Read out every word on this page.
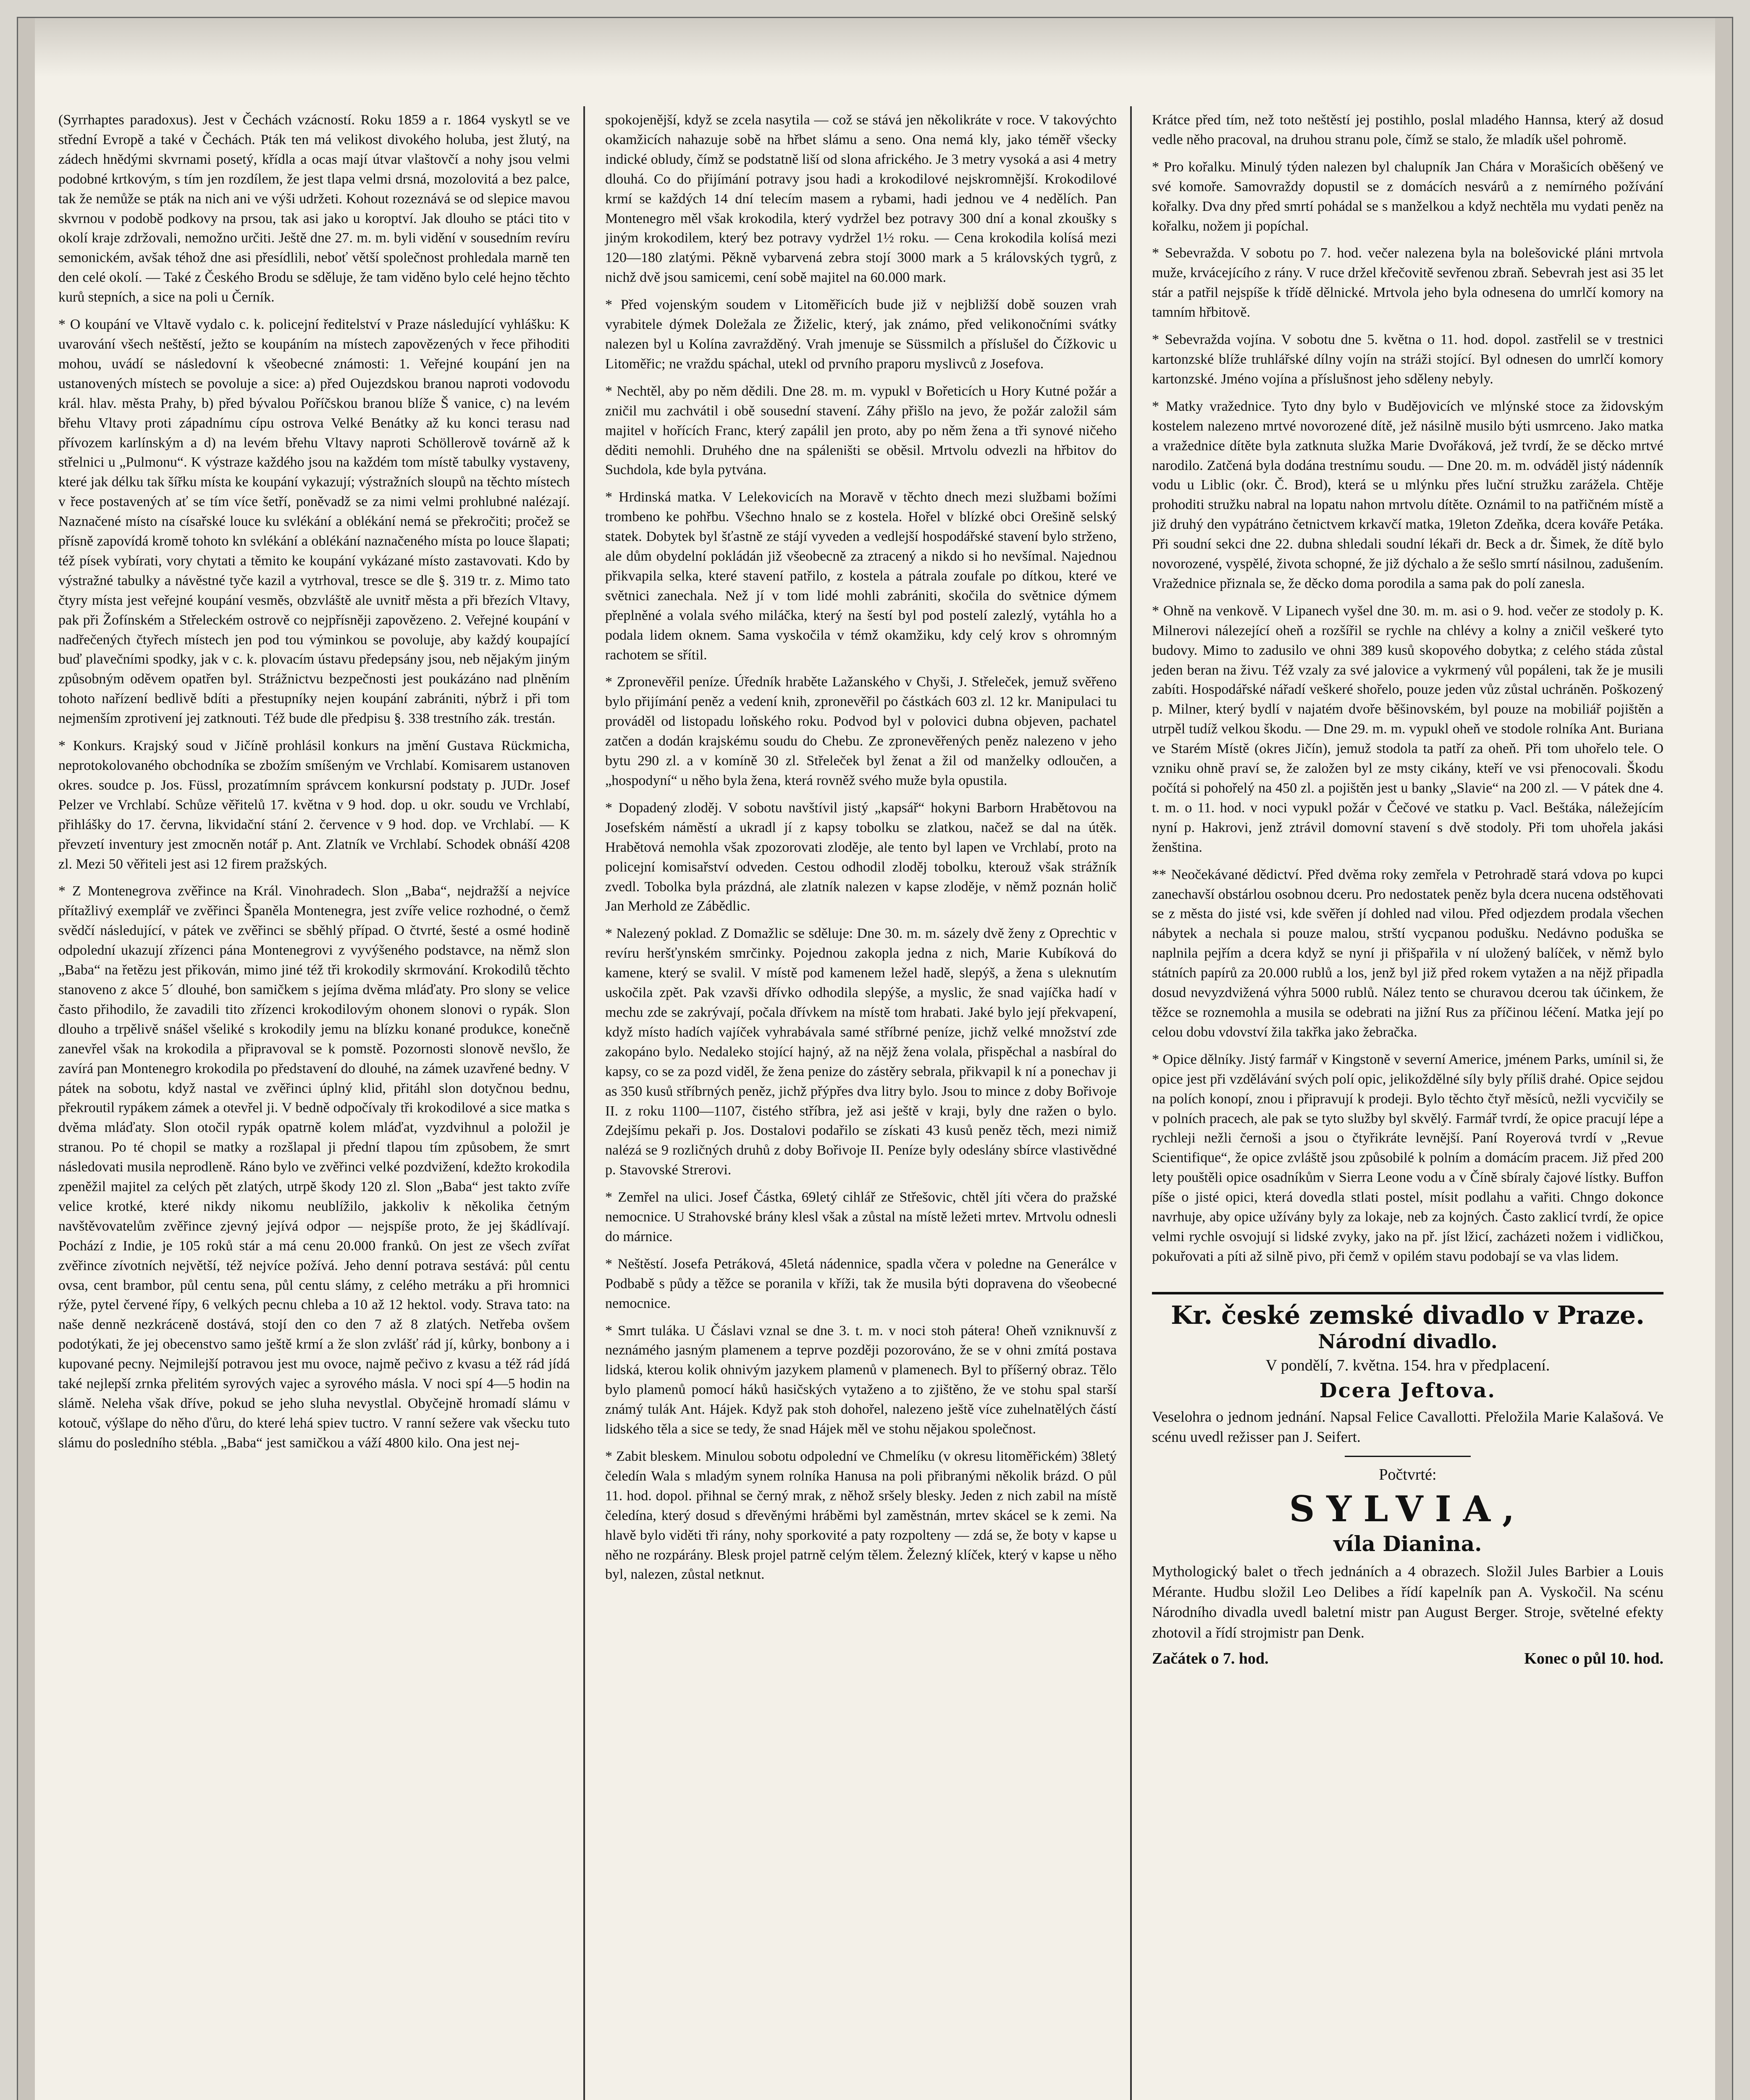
(Syrrhaptes paradoxus). Jest v Čechách vzácností. Roku 1859 a r. 1864 vyskytl se ve střední Evropě a také v Čechách. Pták ten má velikost divokého holuba, jest žlutý, na zádech hnědými skvrnami posetý, křídla a ocas mají útvar vlaštovčí a nohy jsou velmi podobné krtkovým, s tím jen rozdílem, že jest tlapa velmi drsná, mozolovitá a bez palce, tak že nemůže se pták na nich ani ve výši udržeti. Kohout rozeznává se od slepice mavou skvrnou v podobě podkovy na prsou, tak asi jako u koroptví. Jak dlouho se ptáci tito v okolí kraje zdržovali, nemožno určiti. Ještě dne 27. m. m. byli vidění v sousedním revíru semonickém, avšak téhož dne asi přesídlili, neboť větší společnost prohledala marně ten den celé okolí. — Také z Českého Brodu se sděluje, že tam viděno bylo celé hejno těchto kurů stepních, a sice na poli u Černík.

* O koupání ve Vltavě vydalo c. k. policejní ředitelství v Praze následující vyhlášku: K uvarování všech neštěstí, ježto se koupáním na místech zapovězených v řece přihoditi mohou, uvádí se následovní k všeobecné známosti: 1. Veřejné koupání jen na ustanovených místech se povoluje a sice: a) před Oujezdskou branou naproti vodovodu král. hlav. města Prahy, b) před bývalou Poříčskou branou blíže Š vanice, c) na levém břehu Vltavy proti západnímu cípu ostrova Velké Benátky až ku konci terasu nad přívozem karlínským a d) na levém břehu Vltavy naproti Schöllerově továrně až k střelnici u „Pulmonu“. K výstraze každého jsou na každém tom místě tabulky vystaveny, které jak délku tak šířku místa ke koupání vykazují; výstražních sloupů na těchto místech v řece postavených ať se tím více šetří, poněvadž se za nimi velmi prohlubné nalézají. Naznačené místo na císařské louce ku svlékání a oblékání nemá se překročiti; pročež se přísně zapovídá kromě tohoto kn svlékání a oblékání naznačeného místa po louce šlapati; též písek vybírati, vory chytati a těmito ke koupání vykázané místo zastavovati. Kdo by výstražné tabulky a návěstné tyče kazil a vytrhoval, tresce se dle §. 319 tr. z. Mimo tato čtyry místa jest veřejné koupání vesměs, obzvláště ale uvnitř města a při březích Vltavy, pak při Žofínském a Střeleckém ostrově co nejpřísněji zapovězeno. 2. Veřejné koupání v nadřečených čtyřech místech jen pod tou výminkou se povoluje, aby každý koupající buď plavečními spodky, jak v c. k. plovacím ústavu předepsány jsou, neb nějakým jiným způsobným oděvem opatřen byl. Strážnictvu bezpečnosti jest poukázáno nad plněním tohoto nařízení bedlivě bdíti a přestupníky nejen koupání zabrániti, nýbrž i při tom nejmenším zprotivení jej zatknouti. Též bude dle předpisu §. 338 trestního zák. trestán.

* Konkurs. Krajský soud v Jičíně prohlásil konkurs na jmění Gustava Rückmicha, neprotokolovaného obchodníka se zbožím smíšeným ve Vrchlabí. Komisarem ustanoven okres. soudce p. Jos. Füssl, prozatímním správcem konkursní podstaty p. JUDr. Josef Pelzer ve Vrchlabí. Schůze věřitelů 17. května v 9 hod. dop. u okr. soudu ve Vrchlabí, přihlášky do 17. června, likvidační stání 2. července v 9 hod. dop. ve Vrchlabí. — K převzetí inventury jest zmocněn notář p. Ant. Zlatník ve Vrchlabí. Schodek obnáší 4208 zl. Mezi 50 věřiteli jest asi 12 firem pražských.

* Z Montenegrova zvěřince na Král. Vinohradech. Slon „Baba“, nejdražší a nejvíce přítažlivý exemplář ve zvěřinci Španěla Montenegra, jest zvíře velice rozhodné, o čemž svědčí následující, v pátek ve zvěřinci se sběhlý případ. O čtvrté, šesté a osmé hodině odpolední ukazují zřízenci pána Montenegrovi z vyvýšeného podstavce, na němž slon „Baba“ na řetězu jest přikován, mimo jiné též tři krokodily skrmování. Krokodilů těchto stanoveno z akce 5´ dlouhé, bon samičkem s jejíma dvěma mláďaty. Pro slony se velice často přihodilo, že zavadili tito zřízenci krokodilovým ohonem slonovi o rypák. Slon dlouho a trpělivě snášel všeliké s krokodily jemu na blízku konané produkce, konečně zanevřel však na krokodila a připravoval se k pomstě. Pozornosti slonově nevšlo, že zavírá pan Montenegro krokodila po představení do dlouhé, na zámek uzavřené bedny. V pátek na sobotu, když nastal ve zvěřinci úplný klid, přitáhl slon dotyčnou bednu, překroutil rypákem zámek a otevřel ji. V bedně odpočívaly tři krokodilové a sice matka s dvěma mláďaty. Slon otočil rypák opatrně kolem mláďat, vyzdvihnul a položil je stranou. Po té chopil se matky a rozšlapal ji přední tlapou tím způsobem, že smrt následovati musila neprodleně. Ráno bylo ve zvěřinci velké pozdvižení, kdežto krokodila zpeněžil majitel za celých pět zlatých, utrpě škody 120 zl. Slon „Baba“ jest takto zvíře velice krotké, které nikdy nikomu neublížilo, jakkoliv k několika četným navštěvovatelům zvěřince zjevný jejívá odpor — nejspíše proto, že jej škádlívají. Pochází z Indie, je 105 roků stár a má cenu 20.000 franků. On jest ze všech zvířat zvěřince zívotních největší, též nejvíce požívá. Jeho denní potrava sestává: půl centu ovsa, cent brambor, půl centu sena, půl centu slámy, z celého metráku a při hromnici rýže, pytel červené řípy, 6 velkých pecnu chleba a 10 až 12 hektol. vody. Strava tato: na naše denně nezkráceně dostává, stojí den co den 7 až 8 zlatých. Netřeba ovšem podotýkati, že jej obecenstvo samo ještě krmí a že slon zvlášť rád jí, kůrky, bonbony a i kupované pecny. Nejmilejší potravou jest mu ovoce, najmě pečivo z kvasu a též rád jídá také nejlepší zrnka přelitém syrových vajec a syrového másla. V noci spí 4—5 hodin na slámě. Neleha však dříve, pokud se jeho sluha nevystlal. Obyčejně hromadí slámu v kotouč, výšlape do něho ďůru, do které lehá spiev tuctro. V ranní sežere vak všecku tuto slámu do posledního stébla. „Baba“ jest samičkou a váží 4800 kilo. Ona jest nej-

spokojenější, když se zcela nasytila — což se stává jen několikráte v roce. V takovýchto okamžicích nahazuje sobě na hřbet slámu a seno. Ona nemá kly, jako téměř všecky indické obludy, čímž se podstatně liší od slona afrického. Je 3 metry vysoká a asi 4 metry dlouhá. Co do přijímání potravy jsou hadi a krokodilové nejskromnější. Krokodilové krmí se každých 14 dní telecím masem a rybami, hadi jednou ve 4 nedělích. Pan Montenegro měl však krokodila, který vydržel bez potravy 300 dní a konal zkoušky s jiným krokodilem, který bez potravy vydržel 1½ roku. — Cena krokodila kolísá mezi 120—180 zlatými. Pěkně vybarvená zebra stojí 3000 mark a 5 královských tygrů, z nichž dvě jsou samicemi, cení sobě majitel na 60.000 mark.

* Před vojenským soudem v Litoměřicích bude již v nejbližší době souzen vrah vyrabitele dýmek Doležala ze Žiželic, který, jak známo, před velikonočními svátky nalezen byl u Kolína zavražděný. Vrah jmenuje se Süssmilch a příslušel do Čížkovic u Litoměřic; ne vraždu spáchal, utekl od prvního praporu myslivců z Josefova.

* Nechtěl, aby po něm dědili. Dne 28. m. m. vypukl v Bořeticích u Hory Kutné požár a zničil mu zachvátil i obě sousední stavení. Záhy přišlo na jevo, že požár založil sám majitel v hořících Franc, který zapálil jen proto, aby po něm žena a tři synové ničeho děditi nemohli. Druhého dne na spáleništi se oběsil. Mrtvolu odvezli na hřbitov do Suchdola, kde byla pytvána.

* Hrdinská matka. V Lelekovicích na Moravě v těchto dnech mezi službami božími trombeno ke pohřbu. Všechno hnalo se z kostela. Hořel v blízké obci Orešině selský statek. Dobytek byl šťastně ze stájí vyveden a vedlejší hospodářské stavení bylo strženo, ale dům obydelní pokládán již všeobecně za ztracený a nikdo si ho nevšímal. Najednou přikvapila selka, které stavení patřilo, z kostela a pátrala zoufale po dítkou, které ve světnici zanechala. Než jí v tom lidé mohli zabrániti, skočila do světnice dýmem přeplněné a volala svého miláčka, který na šestí byl pod postelí zalezlý, vytáhla ho a podala lidem oknem. Sama vyskočila v témž okamžiku, kdy celý krov s ohromným rachotem se sřítil.

* Zpronevěřil peníze. Úředník hraběte Lažanského v Chyši, J. Střeleček, jemuž svěřeno bylo přijímání peněz a vedení knih, zpronevěřil po částkách 603 zl. 12 kr. Manipulaci tu prováděl od listopadu loňského roku. Podvod byl v polovici dubna objeven, pachatel zatčen a dodán krajskému soudu do Chebu. Ze zpronevěřených peněz nalezeno v jeho bytu 290 zl. a v komíně 30 zl. Střeleček byl ženat a žil od manželky odloučen, a „hospodyní“ u něho byla žena, která rovněž svého muže byla opustila.

* Dopadený zloděj. V sobotu navštívil jistý „kapsář“ hokyni Barborn Hrabětovou na Josefském náměstí a ukradl jí z kapsy tobolku se zlatkou, načež se dal na útěk. Hrabětová nemohla však zpozorovati zloděje, ale tento byl lapen ve Vrchlabí, proto na policejní komisařství odveden. Cestou odhodil zloděj tobolku, kterouž však strážník zvedl. Tobolka byla prázdná, ale zlatník nalezen v kapse zloděje, v němž poznán holič Jan Merhold ze Zábědlic.

* Nalezený poklad. Z Domažlic se sděluje: Dne 30. m. m. sázely dvě ženy z Oprechtic v revíru heršťynském smrčinky. Pojednou zakopla jedna z nich, Marie Kubíková do kamene, který se svalil. V místě pod kamenem ležel hadě, slepýš, a žena s uleknutím uskočila zpět. Pak vzavši dřívko odhodila slepýše, a myslic, že snad vajíčka hadí v mechu zde se zakrývají, počala dřívkem na místě tom hrabati. Jaké bylo její překvapení, když místo hadích vajíček vyhrabávala samé stříbrné peníze, jichž velké množství zde zakopáno bylo. Nedaleko stojící hajný, až na nějž žena volala, přispěchal a nasbíral do kapsy, co se za pozd viděl, že žena penize do zástěry sebrala, přikvapil k ní a ponechav ji as 350 kusů stříbrných peněz, jichž přýpřes dva litry bylo. Jsou to mince z doby Bořivoje II. z roku 1100—1107, čistého stříbra, jež asi ještě v kraji, byly dne ražen o bylo. Zdejšímu pekaři p. Jos. Dostalovi podařilo se získati 43 kusů peněz těch, mezi nimiž nalézá se 9 rozličných druhů z doby Bořivoje II. Peníze byly odeslány sbírce vlastivědné p. Stavovské Strerovi.

* Zemřel na ulici. Josef Částka, 69letý cihlář ze Střešovic, chtěl jíti včera do pražské nemocnice. U Strahovské brány klesl však a zůstal na místě ležeti mrtev. Mrtvolu odnesli do márnice.

* Neštěstí. Josefa Petráková, 45letá nádennice, spadla včera v poledne na Generálce v Podbabě s půdy a těžce se poranila v kříži, tak že musila býti dopravena do všeobecné nemocnice.

* Smrt tuláka. U Čáslavi vznal se dne 3. t. m. v noci stoh pátera! Oheň vzniknuvší z neznámého jasným plamenem a teprve později pozorováno, že se v ohni zmítá postava lidská, kterou kolik ohnivým jazykem plamenů v plamenech. Byl to příšerný obraz. Tělo bylo plamenů pomocí háků hasičských vytaženo a to zjištěno, že ve stohu spal starší známý tulák Ant. Hájek. Když pak stoh dohořel, nalezeno ještě více zuhelnatělých částí lidského těla a sice se tedy, že snad Hájek měl ve stohu nějakou společnost.

* Zabit bleskem. Minulou sobotu odpolední ve Chmelíku (v okresu litoměřickém) 38letý čeledín Wala s mladým synem rolníka Hanusa na poli přibranými několik brázd. O půl 11. hod. dopol. přihnal se černý mrak, z něhož sršely blesky. Jeden z nich zabil na místě čeledína, který dosud s dřevěnými hráběmi byl zaměstnán, mrtev skácel se k zemi. Na hlavě bylo viděti tři rány, nohy sporkovité a paty rozpolteny — zdá se, že boty v kapse u něho ne rozpárány. Blesk projel patrně celým tělem. Železný klíček, který v kapse u něho byl, nalezen, zůstal netknut.

Krátce před tím, než toto neštěstí jej postihlo, poslal mladého Hannsa, který až dosud vedle něho pracoval, na druhou stranu pole, čímž se stalo, že mladík ušel pohromě.

* Pro kořalku. Minulý týden nalezen byl chalupník Jan Chára v Morašicích oběšený ve své komoře. Samovraždy dopustil se z domácích nesvárů a z nemírného požívání kořalky. Dva dny před smrtí pohádal se s manželkou a když nechtěla mu vydati peněz na kořalku, nožem ji popíchal.

* Sebevražda. V sobotu po 7. hod. večer nalezena byla na bolešovické pláni mrtvola muže, krvácejícího z rány. V ruce držel křečovitě sevřenou zbraň. Sebevrah jest asi 35 let stár a patřil nejspíše k třídě dělnické. Mrtvola jeho byla odnesena do umrlčí komory na tamním hřbitově.

* Sebevražda vojína. V sobotu dne 5. května o 11. hod. dopol. zastřelil se v trestnici kartonzské blíže truhlářské dílny vojín na stráži stojící. Byl odnesen do umrlčí komory kartonzské. Jméno vojína a příslušnost jeho sděleny nebyly.

* Matky vražednice. Tyto dny bylo v Budějovicích ve mlýnské stoce za židovským kostelem nalezeno mrtvé novorozené dítě, jež násilně musilo býti usmrceno. Jako matka a vražednice dítěte byla zatknuta služka Marie Dvořáková, jež tvrdí, že se děcko mrtvé narodilo. Zatčená byla dodána trestnímu soudu. — Dne 20. m. m. odváděl jistý nádenník vodu u Liblic (okr. Č. Brod), která se u mlýnku přes luční stružku zarážela. Chtěje prohoditi stružku nabral na lopatu nahon mrtvolu dítěte. Oznámil to na patřičném místě a již druhý den vypátráno četnictvem krkavčí matka, 19leton Zdeňka, dcera kováře Petáka. Při soudní sekci dne 22. dubna shledali soudní lékaři dr. Beck a dr. Šimek, že dítě bylo novorozené, vyspělé, života schopné, že již dýchalo a že sešlo smrtí násilnou, zadušením. Vražednice přiznala se, že děcko doma porodila a sama pak do polí zanesla.

* Ohně na venkově. V Lipanech vyšel dne 30. m. m. asi o 9. hod. večer ze stodoly p. K. Milnerovi nálezející oheň a rozšířil se rychle na chlévy a kolny a zničil veškeré tyto budovy. Mimo to zadusilo ve ohni 389 kusů skopového dobytka; z celého stáda zůstal jeden beran na živu. Též vzaly za své jalovice a vykrmený vůl popáleni, tak že je musili zabíti. Hospodářské nářadí veškeré shořelo, pouze jeden vůz zůstal uchráněn. Poškozený p. Milner, který bydlí v najatém dvoře běšinovském, byl pouze na mobiliář pojištěn a utrpěl tudíž velkou škodu. — Dne 29. m. m. vypukl oheň ve stodole rolníka Ant. Buriana ve Starém Místě (okres Jičín), jemuž stodola ta patří za oheň. Při tom uhořelo tele. O vzniku ohně praví se, že založen byl ze msty cikány, kteří ve vsi přenocovali. Škodu počítá si pohořelý na 450 zl. a pojištěn jest u banky „Slavie“ na 200 zl. — V pátek dne 4. t. m. o 11. hod. v noci vypukl požár v Čečové ve statku p. Vacl. Beštáka, náležejícím nyní p. Hakrovi, jenž ztrávil domovní stavení s dvě stodoly. Při tom uhořela jakási ženština.

** Neočekávané dědictví. Před dvěma roky zemřela v Petrohradě stará vdova po kupci zanechavší obstárlou osobnou dceru. Pro nedostatek peněz byla dcera nucena odstěhovati se z města do jisté vsi, kde svěřen jí dohled nad vilou. Před odjezdem prodala všechen nábytek a nechala si pouze malou, strští vycpanou podušku. Nedávno poduška se naplnila pejřím a dcera když se nyní ji přišpařila v ní uložený balíček, v němž bylo státních papírů za 20.000 rublů a los, jenž byl již před rokem vytažen a na nějž připadla dosud nevyzdvižená výhra 5000 rublů. Nález tento se churavou dcerou tak účinkem, že těžce se roznemohla a musila se odebrati na jižní Rus za příčinou léčení. Matka její po celou dobu vdovství žila takřka jako žebračka.

* Opice dělníky. Jistý farmář v Kingstoně v severní Americe, jménem Parks, umínil si, že opice jest při vzdělávání svých polí opic, jelikoždělné síly byly příliš drahé. Opice sejdou na polích konopí, znou i připravují k prodeji. Bylo těchto čtyř měsíců, nežli vycvičily se v polních pracech, ale pak se tyto služby byl skvělý. Farmář tvrdí, že opice pracují lépe a rychleji nežli černoši a jsou o čtyřikráte levnější. Paní Royerová tvrdí v „Revue Scientifique“, že opice zvláště jsou způsobilé k polním a domácím pracem. Již před 200 lety pouštěli opice osadníkům v Sierra Leone vodu a v Číně sbíraly čajové lístky. Buffon píše o jisté opici, která dovedla stlati postel, mísit podlahu a vařiti. Chngo dokonce navrhuje, aby opice užívány byly za lokaje, neb za kojných. Často zaklicí tvrdí, že opice velmi rychle osvojují si lidské zvyky, jako na př. jíst lžicí, zacházeti nožem i vidličkou, pokuřovati a píti až silně pivo, při čemž v opilém stavu podobají se va vlas lidem.

Kr. české zemské divadlo v Praze.

Národní divadlo.

V pondělí, 7. května. 154. hra v předplacení.

Dcera Jeftova.

Veselohra o jednom jednání. Napsal Felice Cavallotti. Přeložila Marie Kalašová. Ve scénu uvedl režisser pan J. Seifert.

Počtvrté:

SYLVIA,

víla Dianina.

Mythologický balet o třech jednáních a 4 obrazech. Složil Jules Barbier a Louis Mérante. Hudbu složil Leo Delibes a řídí kapelník pan A. Vyskočil. Na scénu Národního divadla uvedl baletní mistr pan August Berger. Stroje, světelné efekty zhotovil a řídí strojmistr pan Denk.

Začátek o 7. hod.	Konec o půl 10. hod.
